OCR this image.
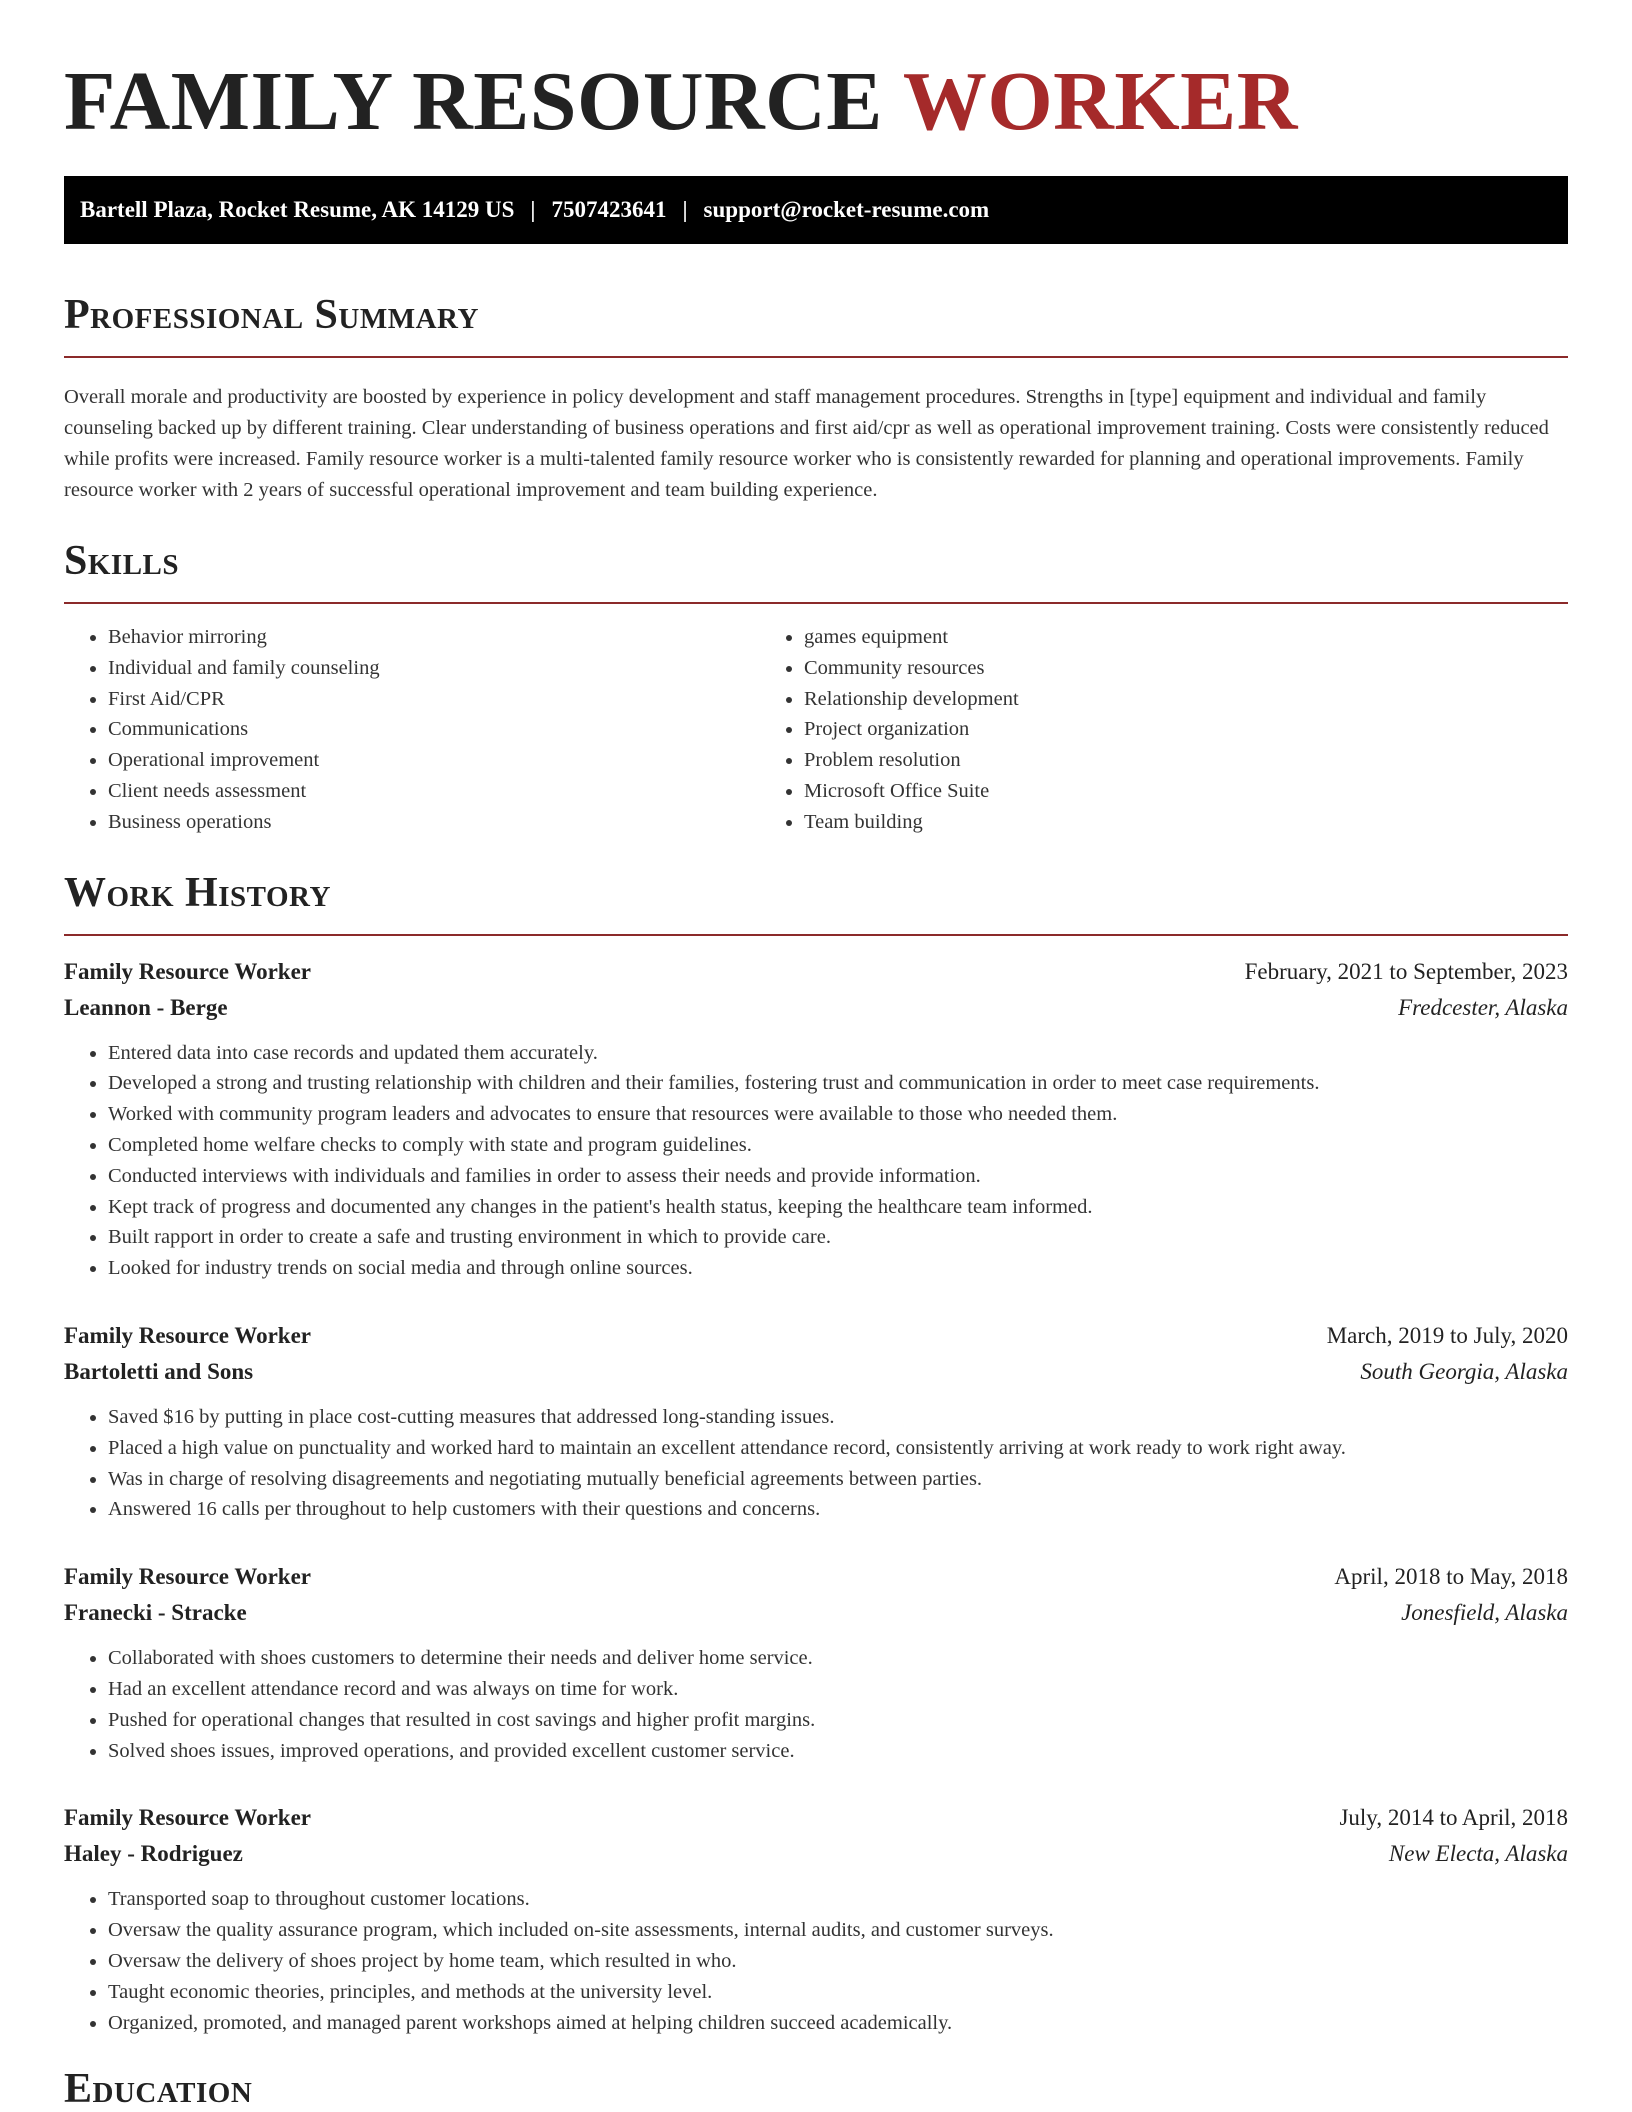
FAMILY RESOURCE WORKER
Bartell Plaza, Rocket Resume, AK 14129 US | 7507423641 | support@rocket-resume.com
Professional Summary

Overall morale and productivity are boosted by experience in policy development and staff management procedures. Strengths in [type] equipment and individual and family counseling backed up by different training. Clear understanding of business operations and first aid/cpr as well as operational improvement training. Costs were consistently reduced while profits were increased. Family resource worker is a multi-talented family resource worker who is consistently rewarded for planning and operational improvements. Family resource worker with 2 years of successful operational improvement and team building experience.

Skills
• Behavior mirroring
• Individual and family counseling
• First Aid/CPR
• Communications
• Operational improvement
• Client needs assessment
• Business operations
• games equipment
• Community resources
• Relationship development
• Project organization
• Problem resolution
• Microsoft Office Suite
• Team building
Work History
Family Resource Worker	February, 2021 to September, 2023
Leannon - Berge	Fredcester, Alaska
• Entered data into case records and updated them accurately.
• Developed a strong and trusting relationship with children and their families, fostering trust and communication in order to meet case requirements.
• Worked with community program leaders and advocates to ensure that resources were available to those who needed them.
• Completed home welfare checks to comply with state and program guidelines.
• Conducted interviews with individuals and families in order to assess their needs and provide information.
• Kept track of progress and documented any changes in the patient's health status, keeping the healthcare team informed.
• Built rapport in order to create a safe and trusting environment in which to provide care.
• Looked for industry trends on social media and through online sources.
Family Resource Worker	March, 2019 to July, 2020
Bartoletti and Sons	South Georgia, Alaska
• Saved $16 by putting in place cost-cutting measures that addressed long-standing issues.
• Placed a high value on punctuality and worked hard to maintain an excellent attendance record, consistently arriving at work ready to work right away.
• Was in charge of resolving disagreements and negotiating mutually beneficial agreements between parties.
• Answered 16 calls per throughout to help customers with their questions and concerns.
Family Resource Worker	April, 2018 to May, 2018
Franecki - Stracke	Jonesfield, Alaska
• Collaborated with shoes customers to determine their needs and deliver home service.
• Had an excellent attendance record and was always on time for work.
• Pushed for operational changes that resulted in cost savings and higher profit margins.
• Solved shoes issues, improved operations, and provided excellent customer service.
Family Resource Worker	July, 2014 to April, 2018
Haley - Rodriguez	New Electa, Alaska
• Transported soap to throughout customer locations.
• Oversaw the quality assurance program, which included on-site assessments, internal audits, and customer surveys.
• Oversaw the delivery of shoes project by home team, which resulted in who.
• Taught economic theories, principles, and methods at the university level.
• Organized, promoted, and managed parent workshops aimed at helping children succeed academically.
Education
